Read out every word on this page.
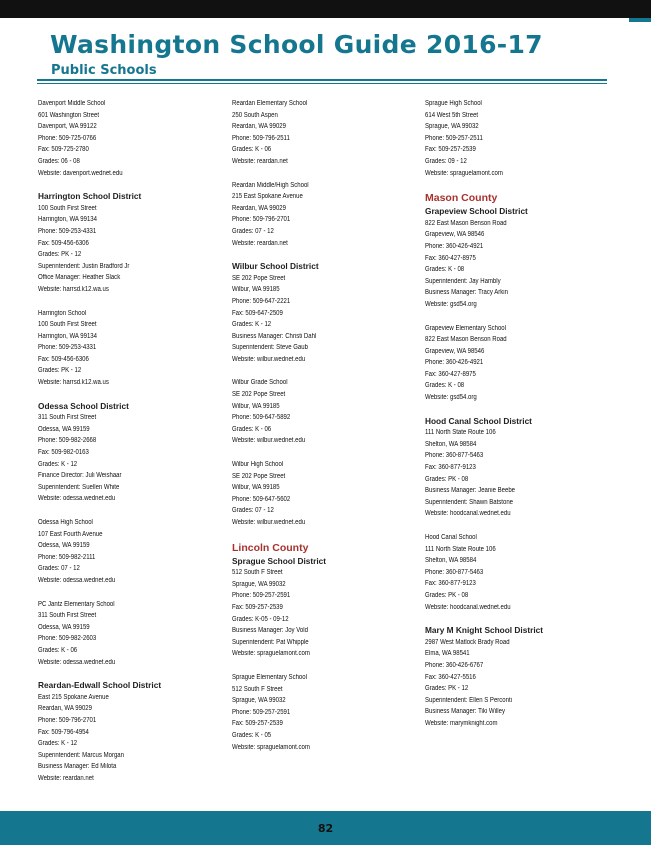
Washington School Guide 2016-17
Public Schools
Davenport Middle School
601 Washington Street
Davenport, WA 99122
Phone: 509-725-0766
Fax: 509-725-2780
Grades: 06 - 08
Website: davenport.wednet.edu
Harrington School District
100 South First Street
Harrington, WA 99134
Phone: 509-253-4331
Fax: 509-456-6306
Grades: PK - 12
Superintendent: Justin Bradford Jr
Office Manager: Heather Slack
Website: harrsd.k12.wa.us
Harrington School
100 South First Street
Harrington, WA 99134
Phone: 509-253-4331
Fax: 509-456-6306
Grades: PK - 12
Website: harrsd.k12.wa.us
Odessa School District
311 South First Street
Odessa, WA 99159
Phone: 509-982-2668
Fax: 509-982-0163
Grades: K - 12
Finance Director: Juli Weishaar
Superintendent: Suellen White
Website: odessa.wednet.edu
Odessa High School
107 East Fourth Avenue
Odessa, WA 99159
Phone: 509-982-2111
Grades: 07 - 12
Website: odessa.wednet.edu
PC Jantz Elementary School
311 South First Street
Odessa, WA 99159
Phone: 509-982-2603
Grades: K - 06
Website: odessa.wednet.edu
Reardan-Edwall School District
East 215 Spokane Avenue
Reardan, WA 99029
Phone: 509-796-2701
Fax: 509-796-4954
Grades: K - 12
Superintendent: Marcus Morgan
Business Manager: Ed Milota
Website: reardan.net
Reardan Elementary School
250 South Aspen
Reardan, WA 99029
Phone: 509-796-2511
Grades: K - 06
Website: reardan.net
Reardan Middle/High School
215 East Spokane Avenue
Reardan, WA 99029
Phone: 509-796-2701
Grades: 07 - 12
Website: reardan.net
Wilbur School District
SE 202 Pope Street
Wilbur, WA 99185
Phone: 509-647-2221
Fax: 509-647-2509
Grades: K - 12
Business Manager: Christi Dahl
Superintendent: Steve Gaub
Website: wilbur.wednet.edu
Wilbur Grade School
SE 202 Pope Street
Wilbur, WA 99185
Phone: 509-647-5892
Grades: K - 06
Website: wilbur.wednet.edu
Wilbur High School
SE 202 Pope Street
Wilbur, WA 99185
Phone: 509-647-5602
Grades: 07 - 12
Website: wilbur.wednet.edu
Lincoln County
Sprague School District
512 South F Street
Sprague, WA 99032
Phone: 509-257-2591
Fax: 509-257-2539
Grades: K-05 - 09-12
Business Manager: Joy Vold
Superintendent: Pat Whipple
Website: spraguelamont.com
Sprague Elementary School
512 South F Street
Sprague, WA 99032
Phone: 509-257-2591
Fax: 509-257-2539
Grades: K - 05
Website: spraguelamont.com
Sprague High School
614 West 5th Street
Sprague, WA 99032
Phone: 509-257-2511
Fax: 509-257-2539
Grades: 09 - 12
Website: spraguelamont.com
Mason County
Grapeview School District
822 East Mason Benson Road
Grapeview, WA 98546
Phone: 360-426-4921
Fax: 360-427-8975
Grades: K - 08
Superintendent: Jay Hambly
Business Manager: Tracy Arkin
Website: gsd54.org
Grapeview Elementary School
822 East Mason Benson Road
Grapeview, WA 98546
Phone: 360-426-4921
Fax: 360-427-8975
Grades: K - 08
Website: gsd54.org
Hood Canal School District
111 North State Route 106
Shelton, WA 98584
Phone: 360-877-5463
Fax: 360-877-9123
Grades: PK - 08
Business Manager: Jeanie Beebe
Superintendent: Shawn Batstone
Website: hoodcanal.wednet.edu
Hood Canal School
111 North State Route 106
Shelton, WA 98584
Phone: 360-877-5463
Fax: 360-877-9123
Grades: PK - 08
Website: hoodcanal.wednet.edu
Mary M Knight School District
2987 West Matlock Brady Road
Elma, WA 98541
Phone: 360-426-6767
Fax: 360-427-5516
Grades: PK - 12
Superintendent: Ellen S Perconti
Business Manager: Tiki Willey
Website: marymknight.com
82
